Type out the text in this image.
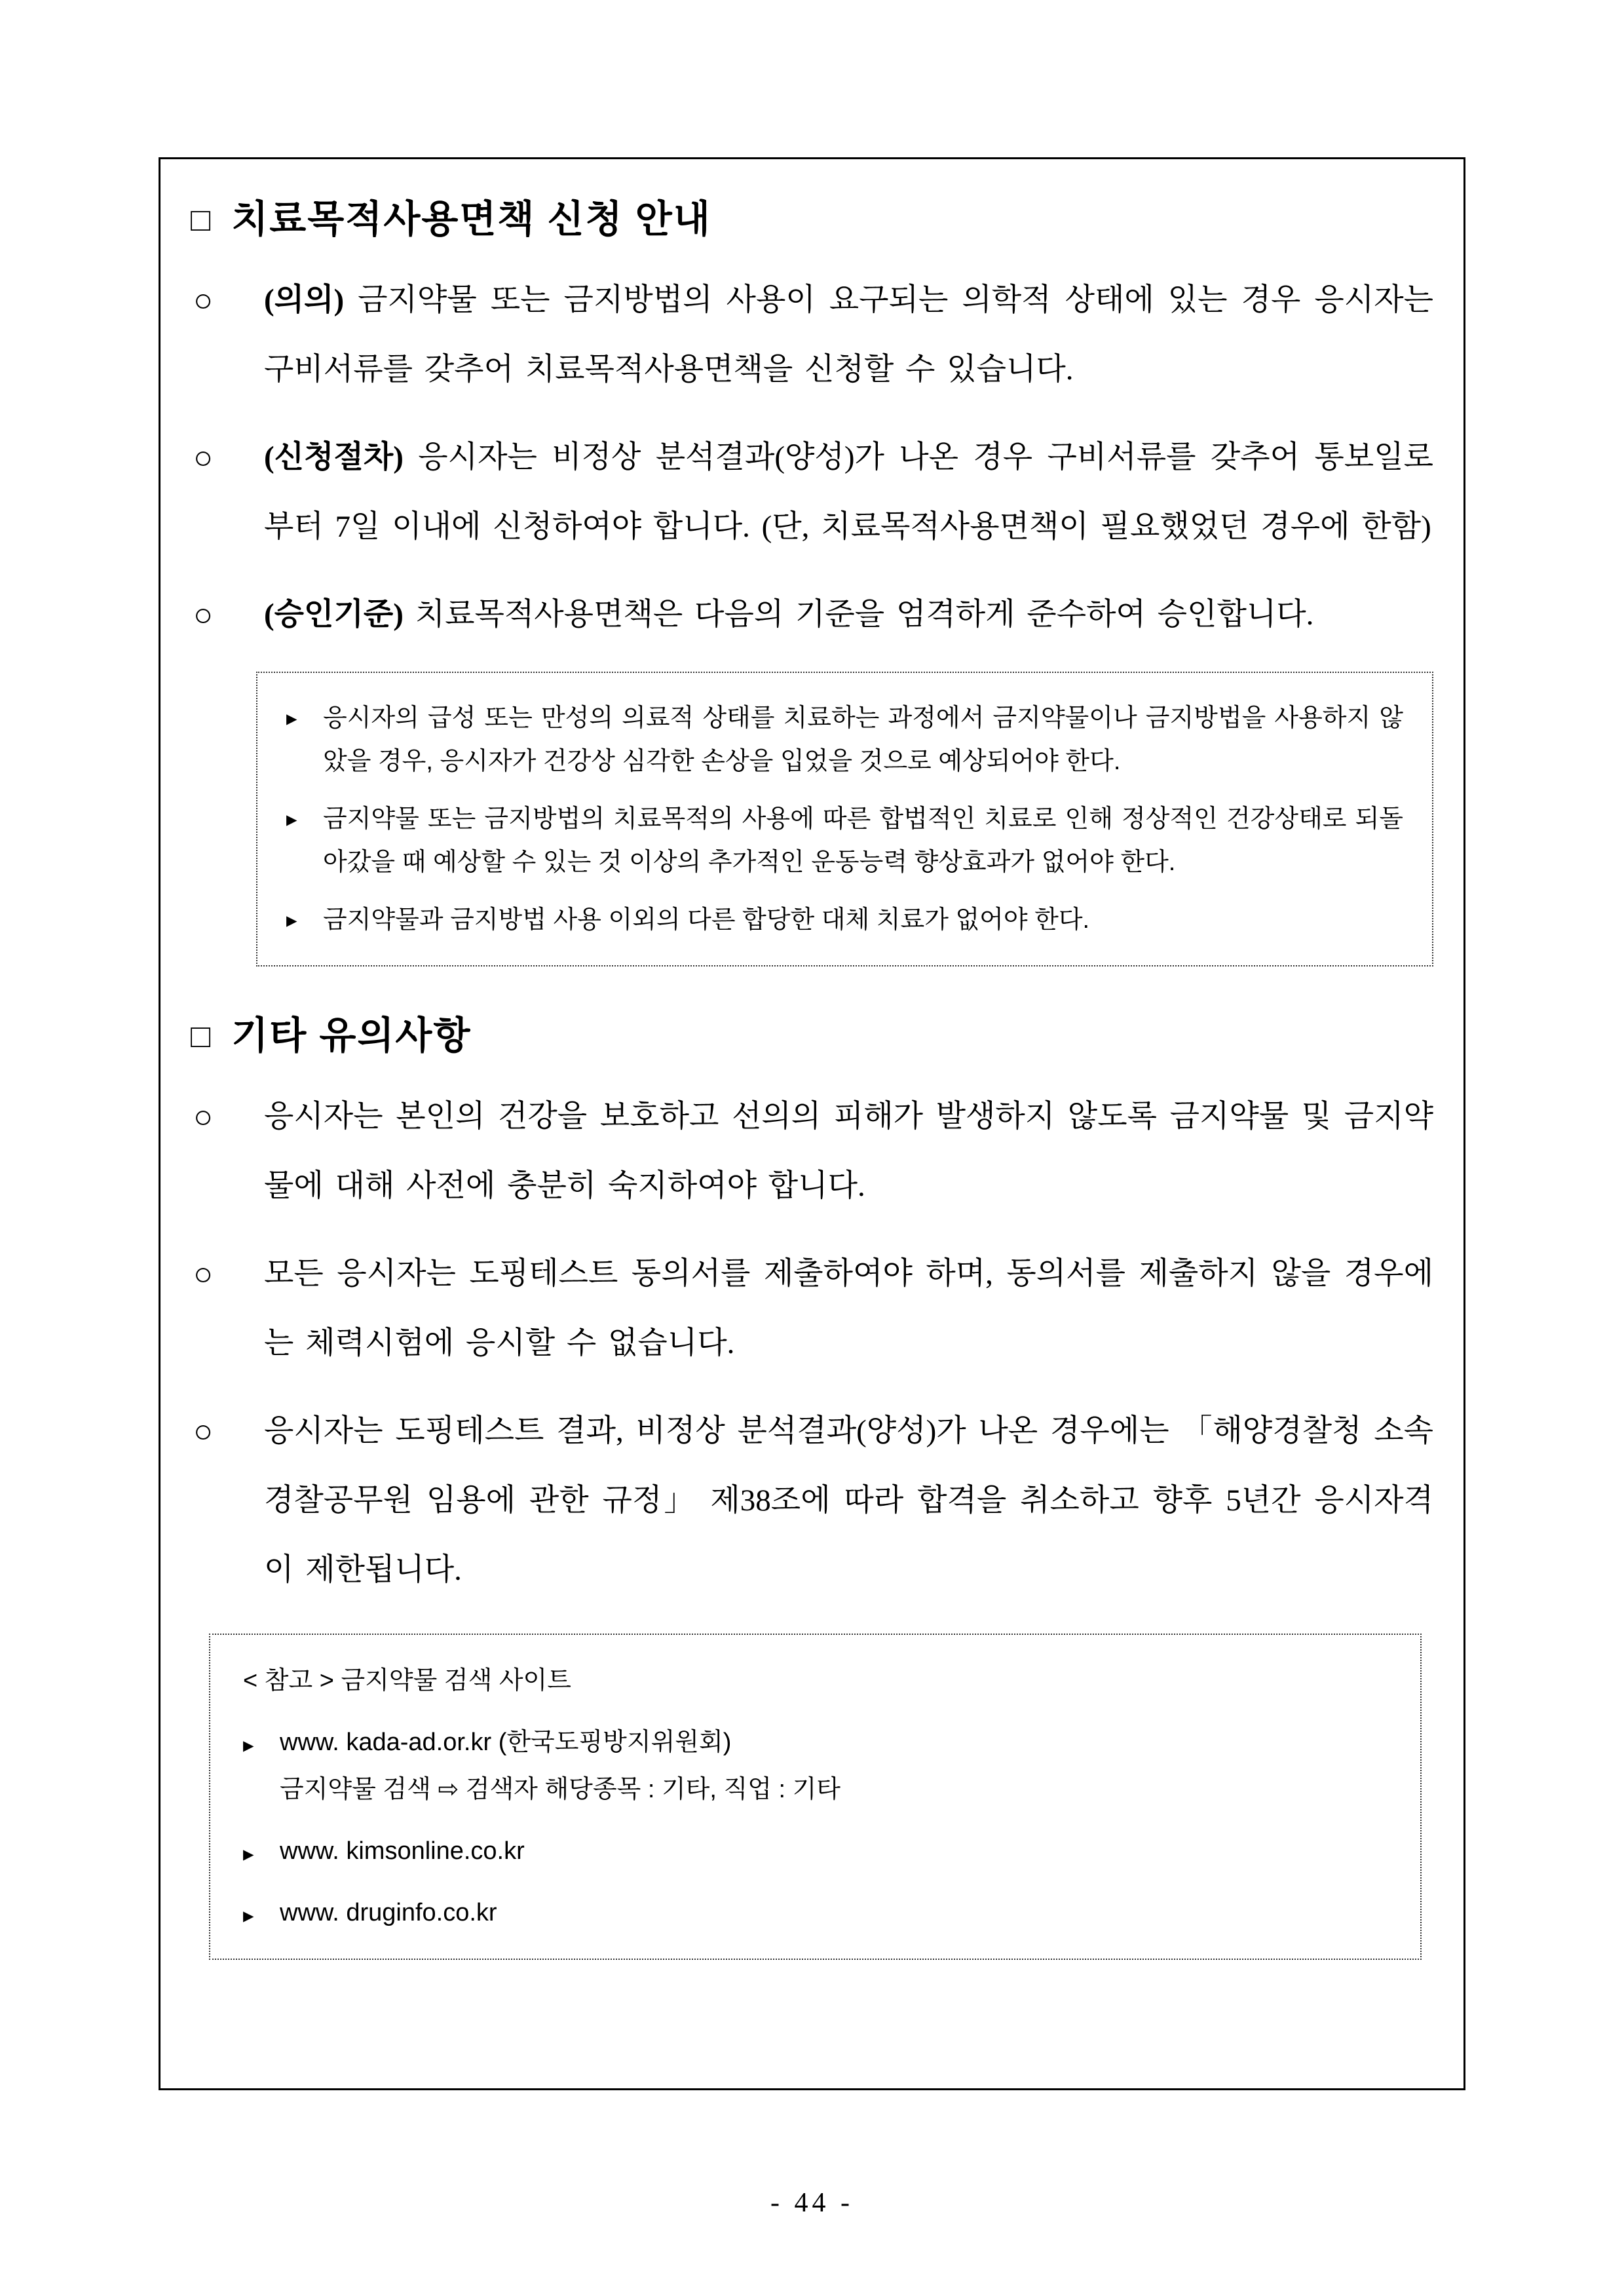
□ 치료목적사용면책 신청 안내
○ (의의) 금지약물 또는 금지방법의 사용이 요구되는 의학적 상태에 있는 경우 응시자는 구비서류를 갖추어 치료목적사용면책을 신청할 수 있습니다.
○ (신청절차) 응시자는 비정상 분석결과(양성)가 나온 경우 구비서류를 갖추어 통보일로부터 7일 이내에 신청하여야 합니다. (단, 치료목적사용면책이 필요했었던 경우에 한함)
○ (승인기준) 치료목적사용면책은 다음의 기준을 엄격하게 준수하여 승인합니다.
▸ 응시자의 급성 또는 만성의 의료적 상태를 치료하는 과정에서 금지약물이나 금지방법을 사용하지 않았을 경우, 응시자가 건강상 심각한 손상을 입었을 것으로 예상되어야 한다.
▸ 금지약물 또는 금지방법의 치료목적의 사용에 따른 합법적인 치료로 인해 정상적인 건강상태로 되돌아갔을 때 예상할 수 있는 것 이상의 추가적인 운동능력 향상효과가 없어야 한다.
▸ 금지약물과 금지방법 사용 이외의 다른 합당한 대체 치료가 없어야 한다.
□ 기타 유의사항
○ 응시자는 본인의 건강을 보호하고 선의의 피해가 발생하지 않도록 금지약물 및 금지약물에 대해 사전에 충분히 숙지하여야 합니다.
○ 모든 응시자는 도핑테스트 동의서를 제출하여야 하며, 동의서를 제출하지 않을 경우에는 체력시험에 응시할 수 없습니다.
○ 응시자는 도핑테스트 결과, 비정상 분석결과(양성)가 나온 경우에는 「해양경찰청 소속 경찰공무원 임용에 관한 규정」 제38조에 따라 합격을 취소하고 향후 5년간 응시자격이 제한됩니다.
< 참고 > 금지약물 검색 사이트
▸ www. kada-ad.or.kr (한국도핑방지위원회)
금지약물 검색 ⇨ 검색자 해당종목 : 기타, 직업 : 기타
▸ www. kimsonline.co.kr
▸ www. druginfo.co.kr
- 44 -
